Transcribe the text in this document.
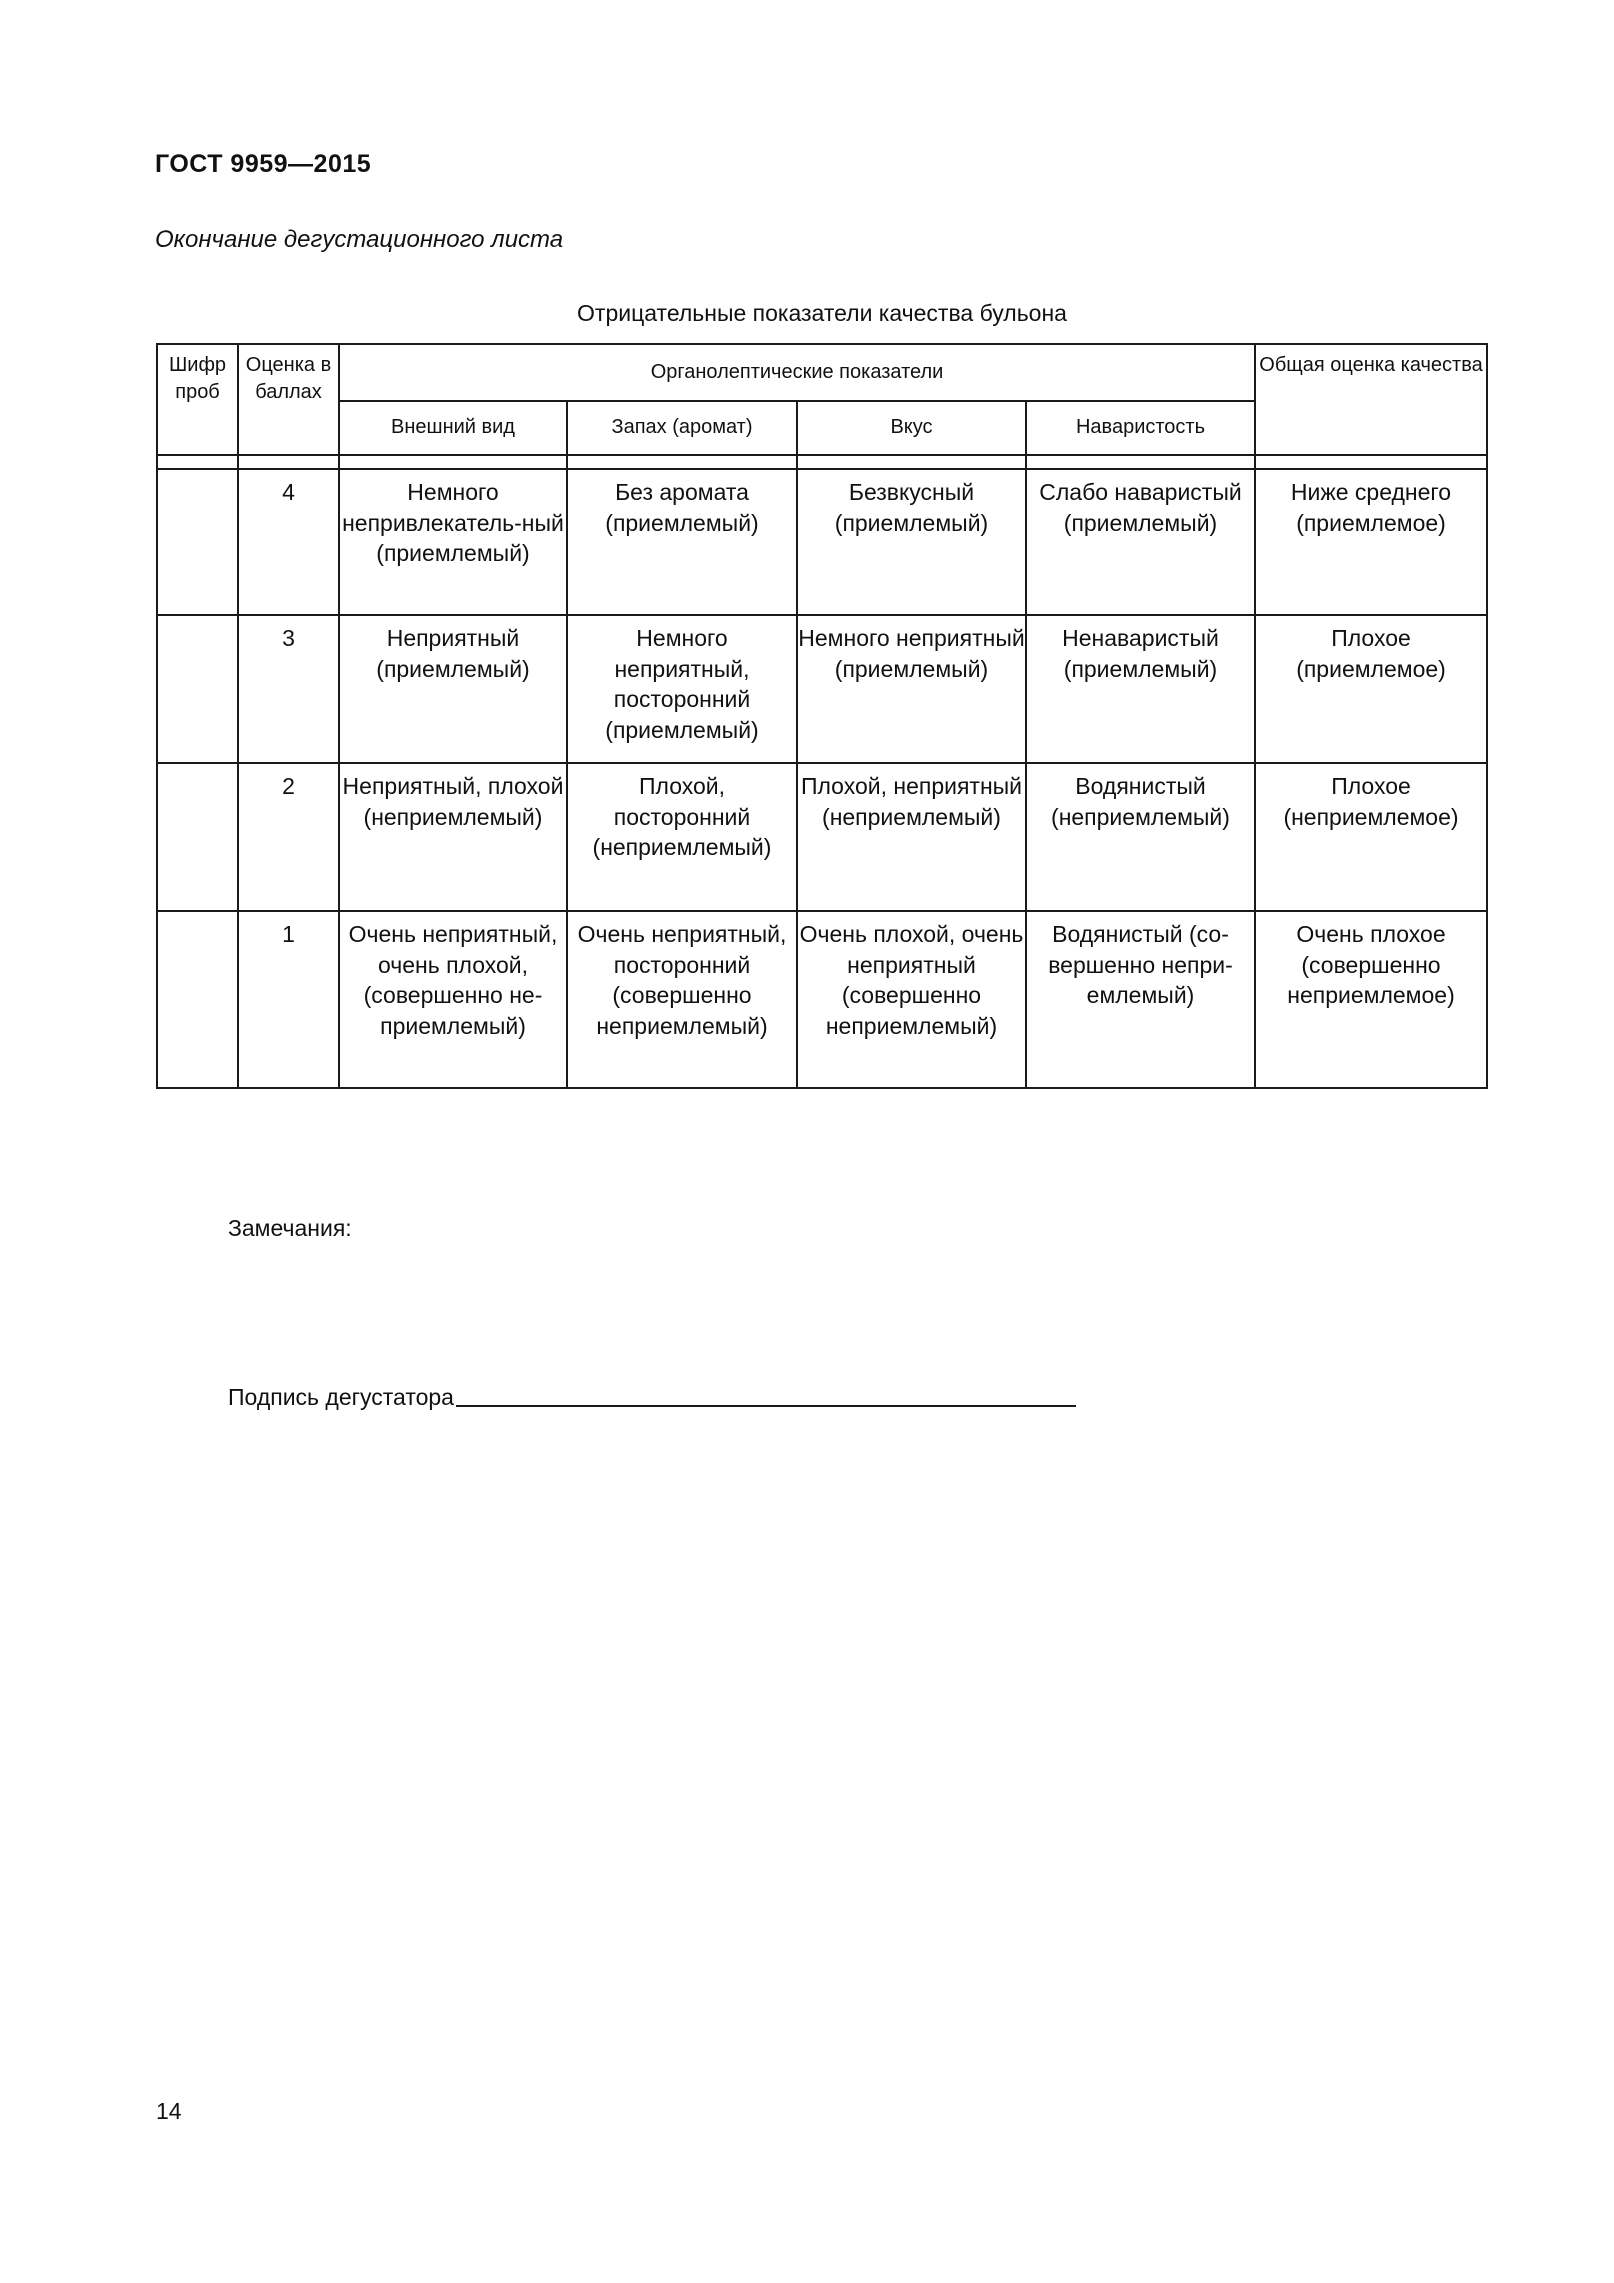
ГОСТ 9959—2015

Окончание дегустационного листа

Отрицательные показатели качества бульона
Шифр проб	Оценка в баллах	Органолептические показатели				Общая оценка качества
		Внешний вид	Запах (аромат)	Вкус	Наваристость	

	4	Немного непривлекатель-ный (приемлемый)	Без аромата (приемлемый)	Безвкусный (приемлемый)	Слабо наваристый (приемлемый)	Ниже среднего (приемлемое)
	3	Неприятный (приемлемый)	Немного неприятный, посторонний (приемлемый)	Немного неприятный (приемлемый)	Ненаваристый (приемлемый)	Плохое (приемлемое)
	2	Неприятный, плохой (неприемлемый)	Плохой, посторонний (неприемлемый)	Плохой, неприятный (неприемлемый)	Водянистый (неприемлемый)	Плохое (неприемлемое)
	1	Очень неприятный, очень плохой, (совершенно не-приемлемый)	Очень неприятный, посторонний (совершенно неприемлемый)	Очень плохой, очень неприятный (совершенно неприемлемый)	Водянистый (со-вершенно непри-емлемый)	Очень плохое (совершенно неприемлемое)
Замечания:
Подпись дегустатора
14
